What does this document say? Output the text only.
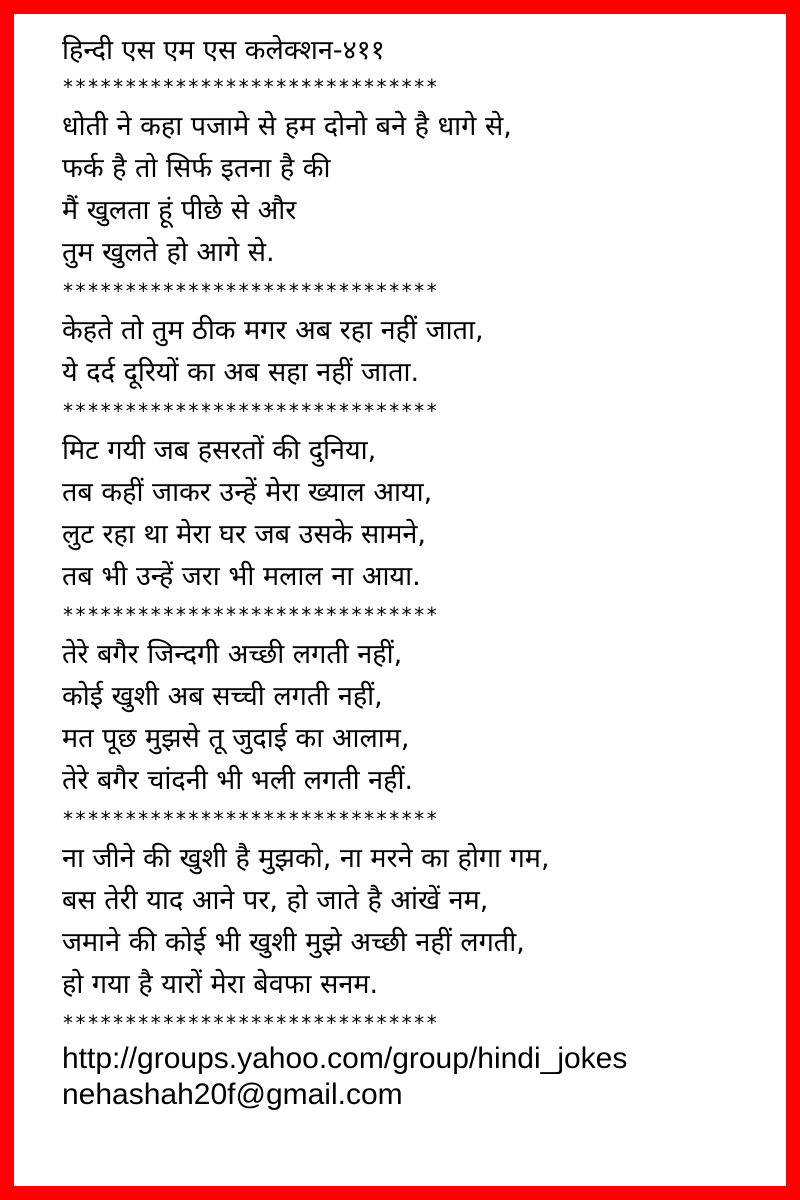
हिन्दी एस एम एस कलेक्शन-४११
******************************
धोती ने कहा पजामे से हम दोनो बने है धागे से,
फर्क है तो सिर्फ इतना है की
मैं खुलता हूं पीछे से और
तुम खुलते हो आगे से.
******************************
केहते तो तुम ठीक मगर अब रहा नहीं जाता,
ये दर्द दूरियों का अब सहा नहीं जाता.
******************************
मिट गयी जब हसरतों की दुनिया,
तब कहीं जाकर उन्हें मेरा ख्याल आया,
लुट रहा था मेरा घर जब उसके सामने,
तब भी उन्हें जरा भी मलाल ना आया.
******************************
तेरे बगैर जिन्दगी अच्छी लगती नहीं,
कोई खुशी अब सच्ची लगती नहीं,
मत पूछ मुझसे तू जुदाई का आलाम,
तेरे बगैर चांदनी भी भली लगती नहीं.
******************************
ना जीने की खुशी है मुझको, ना मरने का होगा गम,
बस तेरी याद आने पर, हो जाते है आंखें नम,
जमाने की कोई भी खुशी मुझे अच्छी नहीं लगती,
हो गया है यारों मेरा बेवफा सनम.
******************************
http://groups.yahoo.com/group/hindi_jokes
nehashah20f@gmail.com
